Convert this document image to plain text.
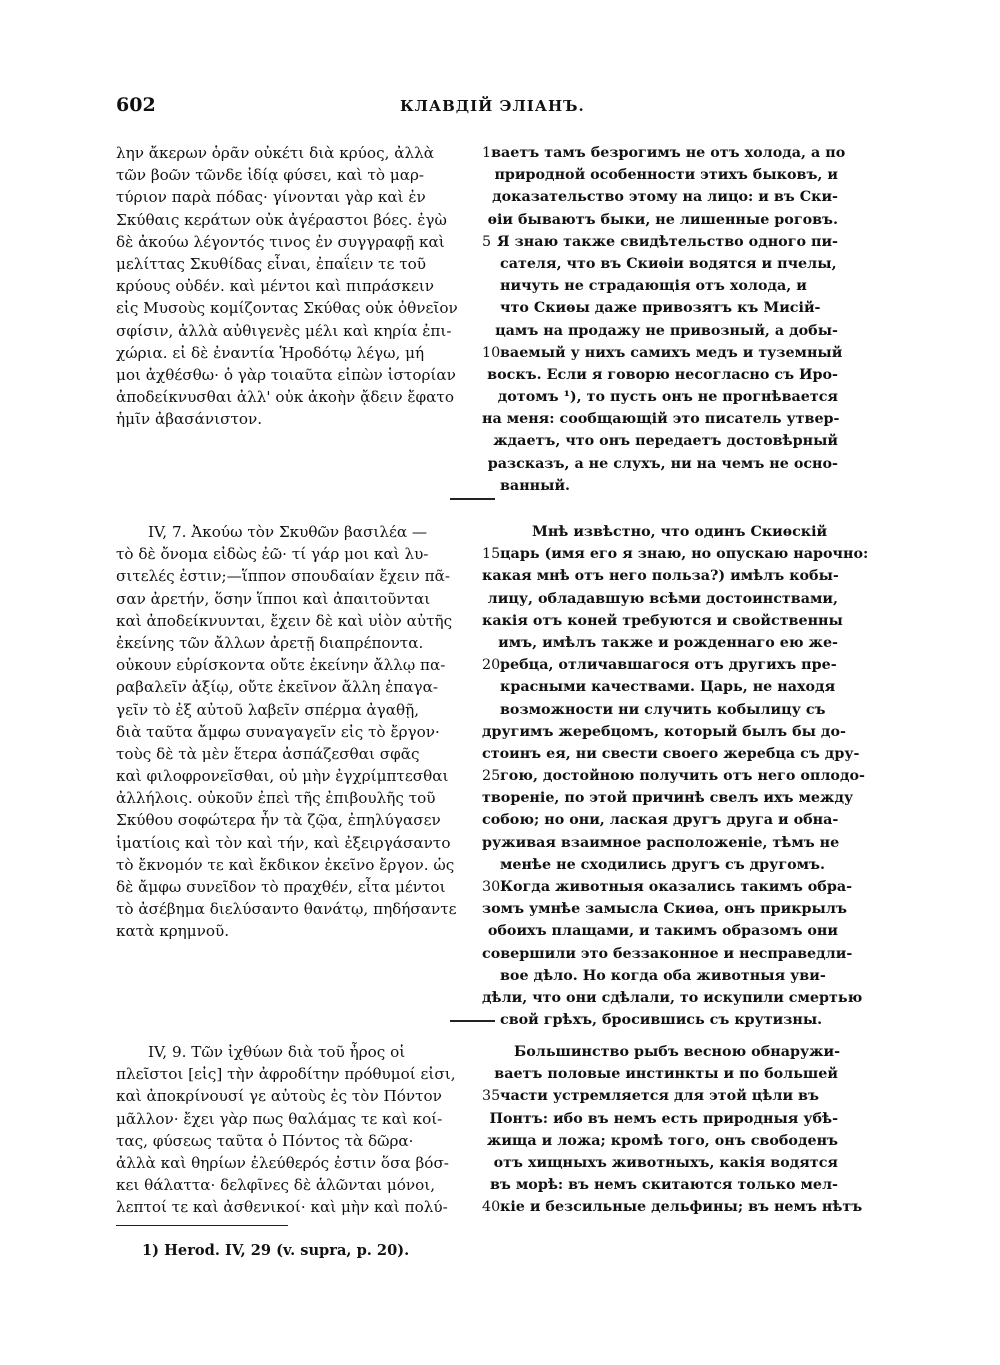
602	КЛАВДІЙ ЭЛІАНЪ.
λην ἄκερων ὁρᾶν οὐκέτι διὰ κρύος, ἀλλὰ
τῶν βοῶν τῶνδε ἰδίᾳ φύσει, καὶ τὸ μαρ-
τύριον παρὰ πόδας· γίνονται γὰρ καὶ ἐν
Σκύθαις κεράτων οὐκ ἀγέραστοι βόες. ἐγὼ
δὲ ἀκούω λέγοντός τινος ἐν συγγραφῇ καὶ
μελίττας Σκυθίδας εἶναι, ἐπαΐειν τε τοῦ
κρύους οὐδέν. καὶ μέντοι καὶ πιπράσκειν
εἰς Μυσοὺς κομίζοντας Σκύθας οὐκ ὀθνεῖον
σφίσιν, ἀλλὰ αὐθιγενὲς μέλι καὶ κηρία ἐπι-
χώρια. εἰ δὲ ἐναντία Ἡροδότῳ λέγω, μή
μοι ἀχθέσθω· ὁ γὰρ τοιαῦτα εἰπὼν ἱστορίαν
ἀποδείκνυσθαι ἀλλ' οὐκ ἀκοὴν ᾄδειν ἔφατο
ἡμῖν ἀβασάνιστον.
1 ваетъ тамъ безрогимъ не отъ холода, а по
природной особенности этихъ быковъ, и
доказательство этому на лицо: и въ Ски-
ѳіи бываютъ быки, не лишенные роговъ.
5 Я знаю также свидѣтельство одного пи-
сателя, что въ Скиѳіи водятся и пчелы,
ничуть не страдающія отъ холода, и
что Скиѳы даже привозятъ къ Мисій-
цамъ на продажу не привозный, а добы-
10 ваемый у нихъ самихъ медъ и туземный
воскъ. Если я говорю несогласно съ Иро-
дотомъ ¹), то пусть онъ не прогнѣвается
на меня: сообщающій это писатель утвер-
ждаетъ, что онъ передаетъ достовѣрный
разсказъ, а не слухъ, ни на чемъ не осно-
ванный.
IV, 7. Ἀκούω τὸν Σκυθῶν βασιλέα —
τὸ δὲ ὄνομα εἰδὼς ἐῶ· τί γάρ μοι καὶ λυ-
σιτελές ἐστιν;—ἵππον σπουδαίαν ἔχειν πᾶ-
σαν ἀρετήν, ὅσην ἵπποι καὶ ἀπαιτοῦνται
καὶ ἀποδείκνυνται, ἔχειν δὲ καὶ υἱὸν αὐτῆς
ἐκείνης τῶν ἄλλων ἀρετῇ διαπρέποντα.
οὐκουν εὑρίσκοντα οὔτε ἐκείνην ἄλλῳ πα-
ραβαλεῖν ἀξίῳ, οὔτε ἐκεῖνον ἄλλη ἐπαγα-
γεῖν τὸ ἐξ αὐτοῦ λαβεῖν σπέρμα ἀγαθῇ,
διὰ ταῦτα ἄμφω συναγαγεῖν εἰς τὸ ἔργον·
τοὺς δὲ τὰ μὲν ἕτερα ἀσπάζεσθαι σφᾶς
καὶ φιλοφρονεῖσθαι, οὐ μὴν ἐγχρίμπτεσθαι
ἀλλήλοις. οὐκοῦν ἐπεὶ τῆς ἐπιβουλῆς τοῦ
Σκύθου σοφώτερα ἦν τὰ ζῷα, ἐπηλύγασεν
ἱματίοις καὶ τὸν καὶ τήν, καὶ ἐξειργάσαντο
τὸ ἔκνομόν τε καὶ ἔκδικον ἐκεῖνο ἔργον. ὡς
δὲ ἄμφω συνεῖδον τὸ πραχθέν, εἶτα μέντοι
τὸ ἀσέβημα διελύσαντο θανάτῳ, πηδήσαντε
κατὰ κρημνοῦ.
Мнѣ извѣстно, что одинъ Скиѳскій
15 царь (имя его я знаю, но опускаю нарочно:
какая мнѣ отъ него польза?) имѣлъ кобы-
лицу, обладавшую всѣми достоинствами,
какія отъ коней требуются и свойственны
имъ, имѣлъ также и рожденнаго ею же-
20 ребца, отличавшагося отъ другихъ пре-
красными качествами. Царь, не находя
возможности ни случить кобылицу съ
другимъ жеребцомъ, который былъ бы до-
стоинъ ея, ни свести своего жеребца съ дру-
25 гою, достойною получить отъ него оплодо-
твореніе, по этой причинѣ свелъ ихъ между
собою; но они, лаская другъ друга и обна-
руживая взаимное расположеніе, тѣмъ не
менѣе не сходились другъ съ другомъ.
30 Когда животныя оказались такимъ обра-
зомъ умнѣе замысла Скиѳа, онъ прикрылъ
обоихъ плащами, и такимъ образомъ они
совершили это беззаконное и несправедли-
вое дѣло. Но когда оба животныя уви-
дѣли, что они сдѣлали, то искупили смертью
свой грѣхъ, бросившись съ крутизны.
IV, 9. Τῶν ἰχθύων διὰ τοῦ ἦρος οἱ
πλεῖστοι [εἰς] τὴν ἀφροδίτην πρόθυμοί εἰσι,
καὶ ἀποκρίνουσί γε αὐτοὺς ἐς τὸν Πόντον
μᾶλλον· ἔχει γὰρ πως θαλάμας τε καὶ κοί-
τας, φύσεως ταῦτα ὁ Πόντος τὰ δῶρα·
ἀλλὰ καὶ θηρίων ἐλεύθερός ἐστιν ὅσα βόσ-
κει θάλαττα· δελφῖνες δὲ ἁλῶνται μόνοι,
λεπτοί τε καὶ ἀσθενικοί· καὶ μὴν καὶ πολύ-
Большинство рыбъ весною обнаружи-
ваетъ половые инстинкты и по большей
35 части устремляется для этой цѣли въ
Понтъ: ибо въ немъ есть природныя убѣ-
жища и ложа; кромѣ того, онъ свободенъ
отъ хищныхъ животныхъ, какія водятся
въ морѣ: въ немъ скитаются только мел-
40 кіе и безсильные дельфины; въ немъ нѣтъ
1) Herod. IV, 29 (v. supra, p. 20).
